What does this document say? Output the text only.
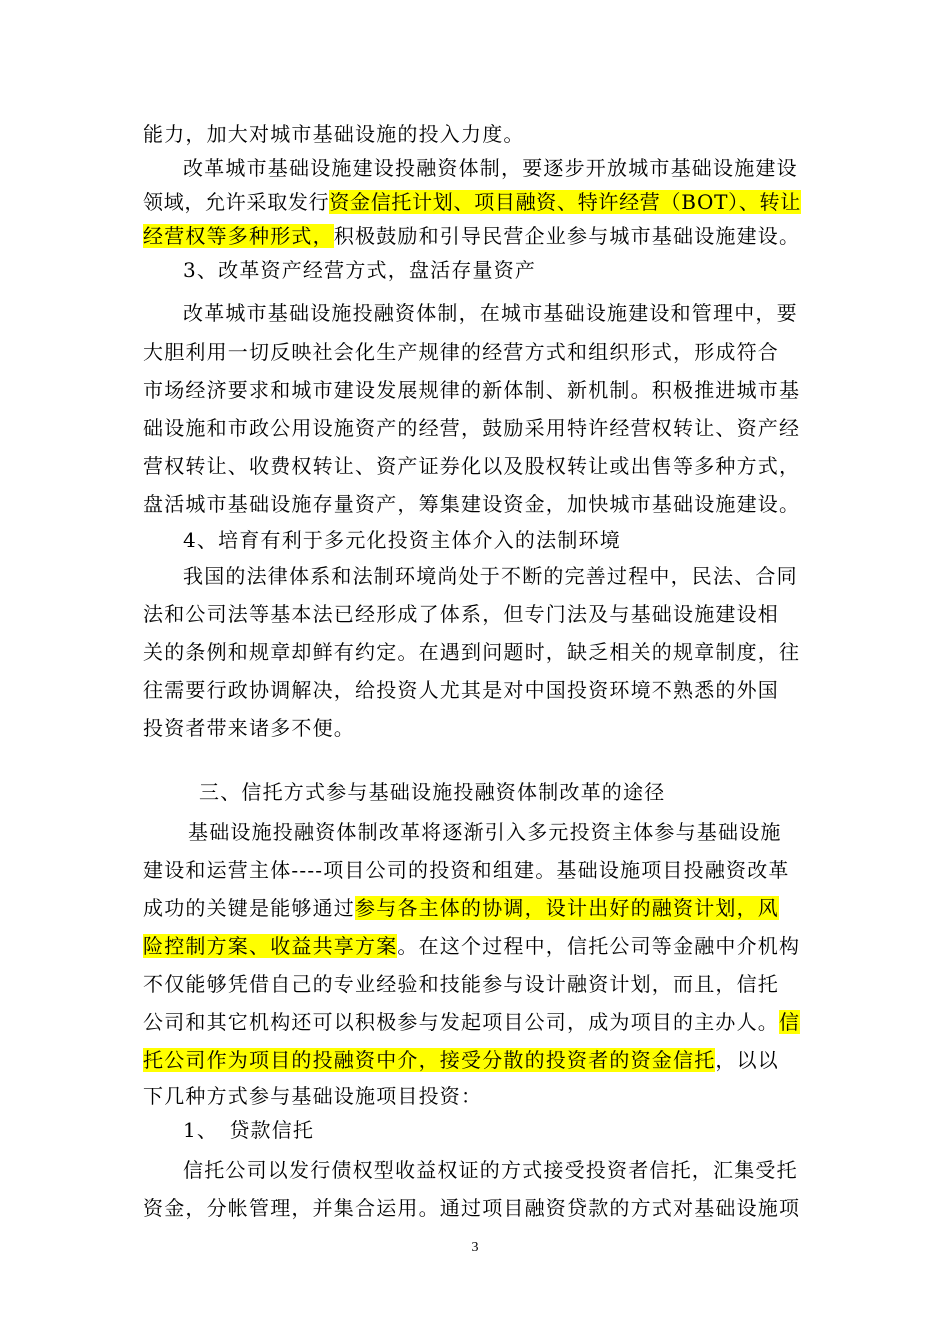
能力，加大对城市基础设施的投入力度。
改革城市基础设施建设投融资体制，要逐步开放城市基础设施建设
领域，允许采取发行资金信托计划、项目融资、特许经营（BOT）、转让
经营权等多种形式，积极鼓励和引导民营企业参与城市基础设施建设。
3、改革资产经营方式，盘活存量资产
改革城市基础设施投融资体制，在城市基础设施建设和管理中，要
大胆利用一切反映社会化生产规律的经营方式和组织形式，形成符合
市场经济要求和城市建设发展规律的新体制、新机制。积极推进城市基
础设施和市政公用设施资产的经营，鼓励采用特许经营权转让、资产经
营权转让、收费权转让、资产证券化以及股权转让或出售等多种方式，
盘活城市基础设施存量资产，筹集建设资金，加快城市基础设施建设。
4、培育有利于多元化投资主体介入的法制环境
我国的法律体系和法制环境尚处于不断的完善过程中，民法、合同
法和公司法等基本法已经形成了体系，但专门法及与基础设施建设相
关的条例和规章却鲜有约定。在遇到问题时，缺乏相关的规章制度，往
往需要行政协调解决，给投资人尤其是对中国投资环境不熟悉的外国
投资者带来诸多不便。
三、信托方式参与基础设施投融资体制改革的途径
基础设施投融资体制改革将逐渐引入多元投资主体参与基础设施
建设和运营主体----项目公司的投资和组建。基础设施项目投融资改革
成功的关键是能够通过参与各主体的协调，设计出好的融资计划，风
险控制方案、收益共享方案。在这个过程中，信托公司等金融中介机构
不仅能够凭借自己的专业经验和技能参与设计融资计划，而且，信托
公司和其它机构还可以积极参与发起项目公司，成为项目的主办人。信
托公司作为项目的投融资中介，接受分散的投资者的资金信托，以以
下几种方式参与基础设施项目投资：
1、　贷款信托
信托公司以发行债权型收益权证的方式接受投资者信托，汇集受托
资金，分帐管理，并集合运用。通过项目融资贷款的方式对基础设施项
3
